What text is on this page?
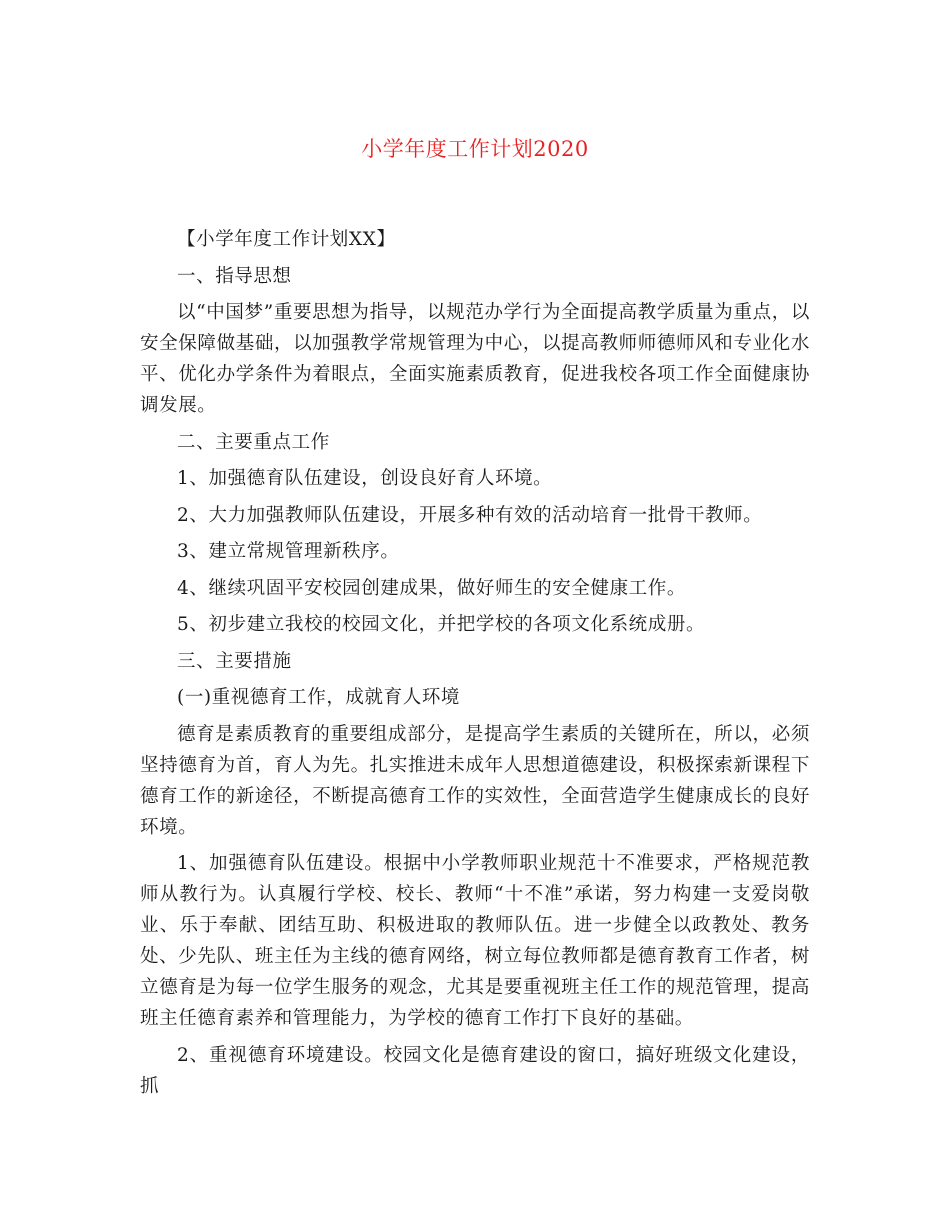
小学年度工作计划2020

【小学年度工作计划XX】

一、指导思想

以“中国梦”重要思想为指导，以规范办学行为全面提高教学质量为重点，以安全保障做基础，以加强教学常规管理为中心，以提高教师师德师风和专业化水平、优化办学条件为着眼点，全面实施素质教育，促进我校各项工作全面健康协调发展。

二、主要重点工作

1、加强德育队伍建设，创设良好育人环境。

2、大力加强教师队伍建设，开展多种有效的活动培育一批骨干教师。

3、建立常规管理新秩序。

4、继续巩固平安校园创建成果，做好师生的安全健康工作。

5、初步建立我校的校园文化，并把学校的各项文化系统成册。

三、主要措施

(一)重视德育工作，成就育人环境

德育是素质教育的重要组成部分，是提高学生素质的关键所在，所以，必须坚持德育为首，育人为先。扎实推进未成年人思想道德建设，积极探索新课程下德育工作的新途径，不断提高德育工作的实效性，全面营造学生健康成长的良好环境。

1、加强德育队伍建设。根据中小学教师职业规范十不准要求，严格规范教师从教行为。认真履行学校、校长、教师“十不准”承诺，努力构建一支爱岗敬业、乐于奉献、团结互助、积极进取的教师队伍。进一步健全以政教处、教务处、少先队、班主任为主线的德育网络，树立每位教师都是德育教育工作者，树立德育是为每一位学生服务的观念，尤其是要重视班主任工作的规范管理，提高班主任德育素养和管理能力，为学校的德育工作打下良好的基础。

2、重视德育环境建设。校园文化是德育建设的窗口，搞好班级文化建设，抓
